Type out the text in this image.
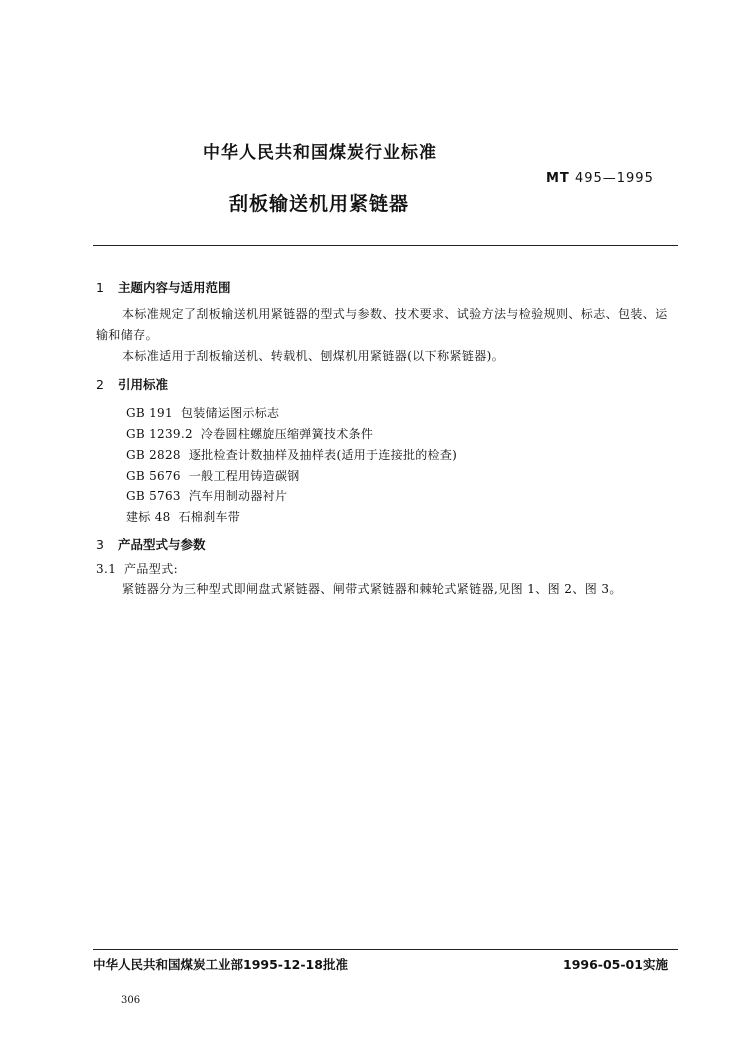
中华人民共和国煤炭行业标准
MT 495—1995
刮板输送机用紧链器
1 主题内容与适用范围
本标准规定了刮板输送机用紧链器的型式与参数、技术要求、试验方法与检验规则、标志、包装、运
输和储存。
本标准适用于刮板输送机、转载机、刨煤机用紧链器(以下称紧链器)。
2 引用标准
GB 191 包装储运图示标志
GB 1239.2 冷卷圆柱螺旋压缩弹簧技术条件
GB 2828 逐批检查计数抽样及抽样表(适用于连接批的检查)
GB 5676 一般工程用铸造碳钢
GB 5763 汽车用制动器衬片
建标 48 石棉刹车带
3 产品型式与参数
3.1 产品型式:
紧链器分为三种型式即闸盘式紧链器、闸带式紧链器和棘轮式紧链器,见图 1、图 2、图 3。
中华人民共和国煤炭工业部1995-12-18批准	1996-05-01实施
306
